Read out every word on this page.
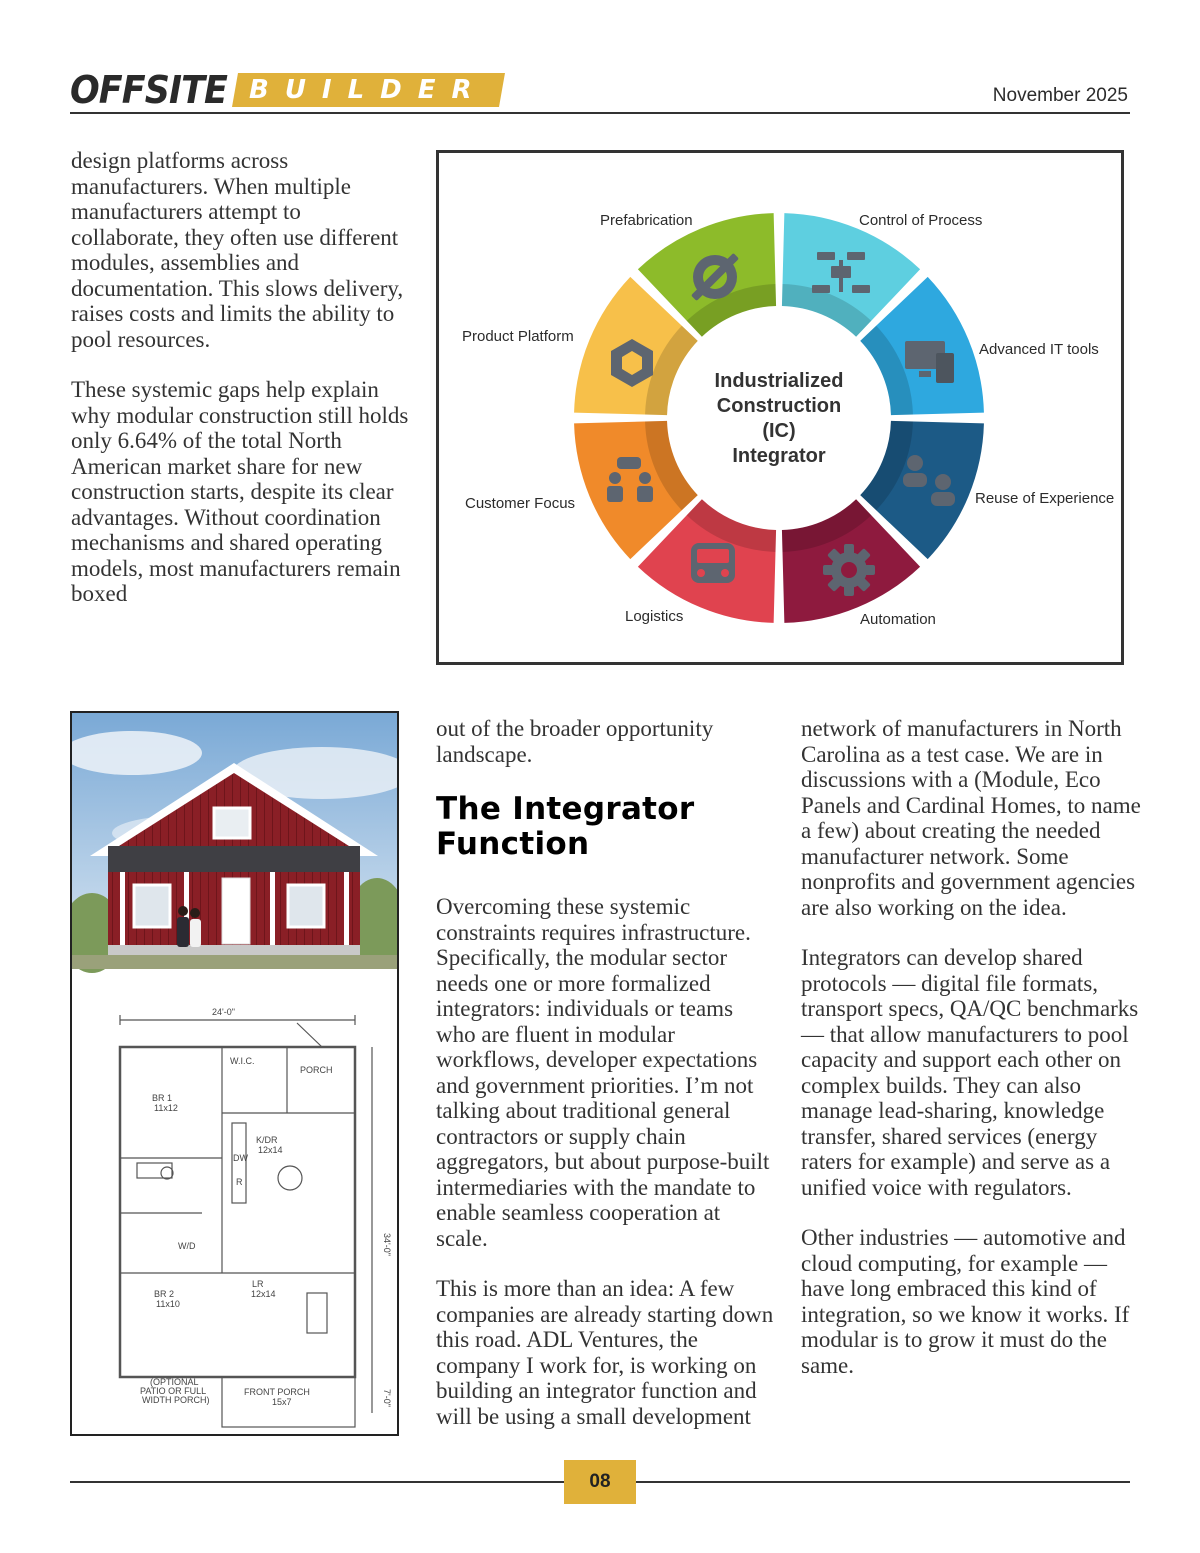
OFFSITE BUILDER	November 2025

design platforms across manufacturers. When multiple manufacturers attempt to collaborate, they often use different modules, assemblies and documentation. This slows delivery, raises costs and limits the ability to pool resources.

These systemic gaps help explain why modular construction still holds only 6.64% of the total North American market share for new construction starts, despite its clear advantages. Without coordination mechanisms and shared operating models, most manufacturers remain boxed

Industrialized
Construction
(IC)
Integrator
Control of Process
Advanced IT tools
Reuse of Experience
Automation
Logistics
Customer Focus
Product Platform
Prefabrication
24'-0"
W.I.C.
PORCH
BR 1
11x12
K/DR
12x14
DW
R
W/D	34'-0"
BR 2
11x10
LR
12x14
7'-0"
(OPTIONAL
PATIO OR FULL
WIDTH PORCH)
FRONT PORCH
15x7

out of the broader opportunity landscape.

The Integrator Function

Overcoming these systemic constraints requires infrastructure. Specifically, the modular sector needs one or more formalized integrators: individuals or teams who are fluent in modular workflows, developer expectations and government priorities. I’m not talking about traditional general contractors or supply chain aggregators, but about purpose-built intermediaries with the mandate to enable seamless cooperation at scale.

This is more than an idea: A few companies are already starting down this road. ADL Ventures, the company I work for, is working on building an integrator function and will be using a small development

network of manufacturers in North Carolina as a test case. We are in discussions with a (Module, Eco Panels and Cardinal Homes, to name a few) about creating the needed manufacturer network. Some nonprofits and government agencies are also working on the idea.

Integrators can develop shared protocols — digital file formats, transport specs, QA/QC benchmarks — that allow manufacturers to pool capacity and support each other on complex builds. They can also manage lead-sharing, knowledge transfer, shared services (energy raters for example) and serve as a unified voice with regulators.

Other industries — automotive and cloud computing, for example — have long embraced this kind of integration, so we know it works. If modular is to grow it must do the same.

08
